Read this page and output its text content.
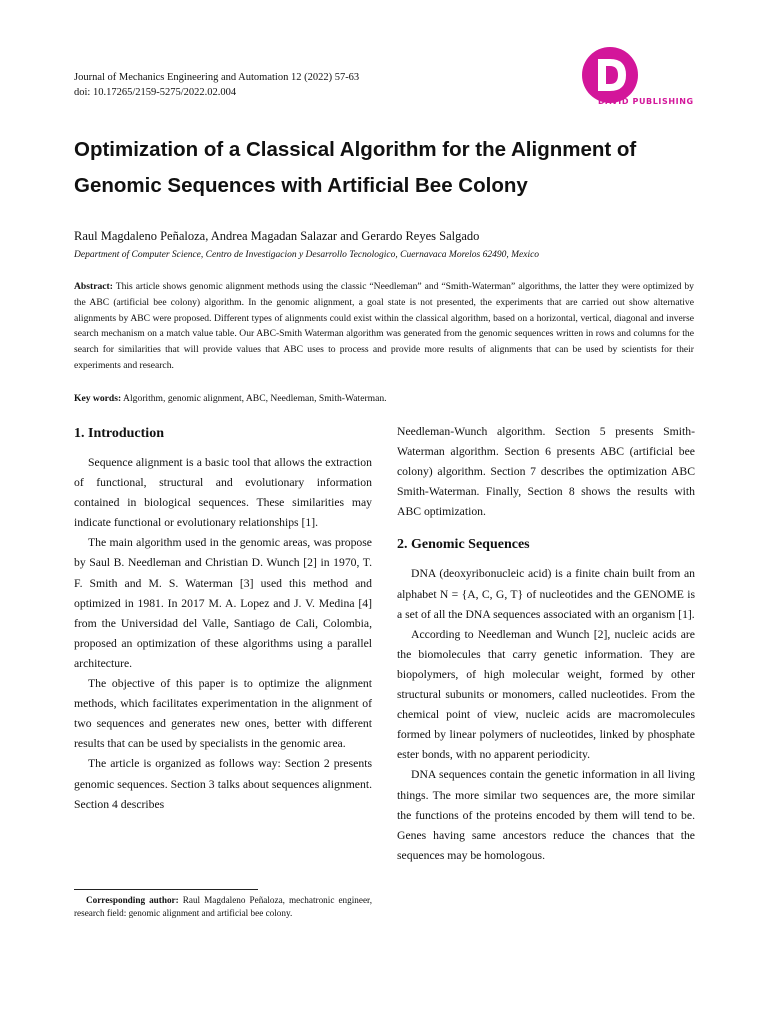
Journal of Mechanics Engineering and Automation 12 (2022) 57-63
doi: 10.17265/2159-5275/2022.02.004
DAVID PUBLISHING
Optimization of a Classical Algorithm for the Alignment of Genomic Sequences with Artificial Bee Colony
Raul Magdaleno Peñaloza, Andrea Magadan Salazar and Gerardo Reyes Salgado
Department of Computer Science, Centro de Investigacion y Desarrollo Tecnologico, Cuernavaca Morelos 62490, Mexico

Abstract: This article shows genomic alignment methods using the classic “Needleman” and “Smith-Waterman” algorithms, the latter they were optimized by the ABC (artificial bee colony) algorithm. In the genomic alignment, a goal state is not presented, the experiments that are carried out show alternative alignments by ABC were proposed. Different types of alignments could exist within the classical algorithm, based on a horizontal, vertical, diagonal and inverse search mechanism on a match value table. Our ABC-Smith Waterman algorithm was generated from the genomic sequences written in rows and columns for the search for similarities that will provide values that ABC uses to process and provide more results of alignments that can be used by scientists for their experiments and research.

Key words: Algorithm, genomic alignment, ABC, Needleman, Smith-Waterman.

1. Introduction

Sequence alignment is a basic tool that allows the extraction of functional, structural and evolutionary information contained in biological sequences. These similarities may indicate functional or evolutionary relationships [1].

The main algorithm used in the genomic areas, was propose by Saul B. Needleman and Christian D. Wunch [2] in 1970, T. F. Smith and M. S. Waterman [3] used this method and optimized in 1981. In 2017 M. A. Lopez and J. V. Medina [4] from the Universidad del Valle, Santiago de Cali, Colombia, proposed an optimization of these algorithms using a parallel architecture.

The objective of this paper is to optimize the alignment methods, which facilitates experimentation in the alignment of two sequences and generates new ones, better with different results that can be used by specialists in the genomic area.

The article is organized as follows way: Section 2 presents genomic sequences. Section 3 talks about sequences alignment. Section 4 describes

Corresponding author: Raul Magdaleno Peñaloza, mechatronic engineer, research field: genomic alignment and artificial bee colony.

Needleman-Wunch algorithm. Section 5 presents Smith-Waterman algorithm. Section 6 presents ABC (artificial bee colony) algorithm. Section 7 describes the optimization ABC Smith-Waterman. Finally, Section 8 shows the results with ABC optimization.

2. Genomic Sequences

DNA (deoxyribonucleic acid) is a finite chain built from an alphabet N = {A, C, G, T} of nucleotides and the GENOME is a set of all the DNA sequences associated with an organism [1].

According to Needleman and Wunch [2], nucleic acids are the biomolecules that carry genetic information. They are biopolymers, of high molecular weight, formed by other structural subunits or monomers, called nucleotides. From the chemical point of view, nucleic acids are macromolecules formed by linear polymers of nucleotides, linked by phosphate ester bonds, with no apparent periodicity.

DNA sequences contain the genetic information in all living things. The more similar two sequences are, the more similar the functions of the proteins encoded by them will tend to be. Genes having same ancestors reduce the chances that the sequences may be homologous.
